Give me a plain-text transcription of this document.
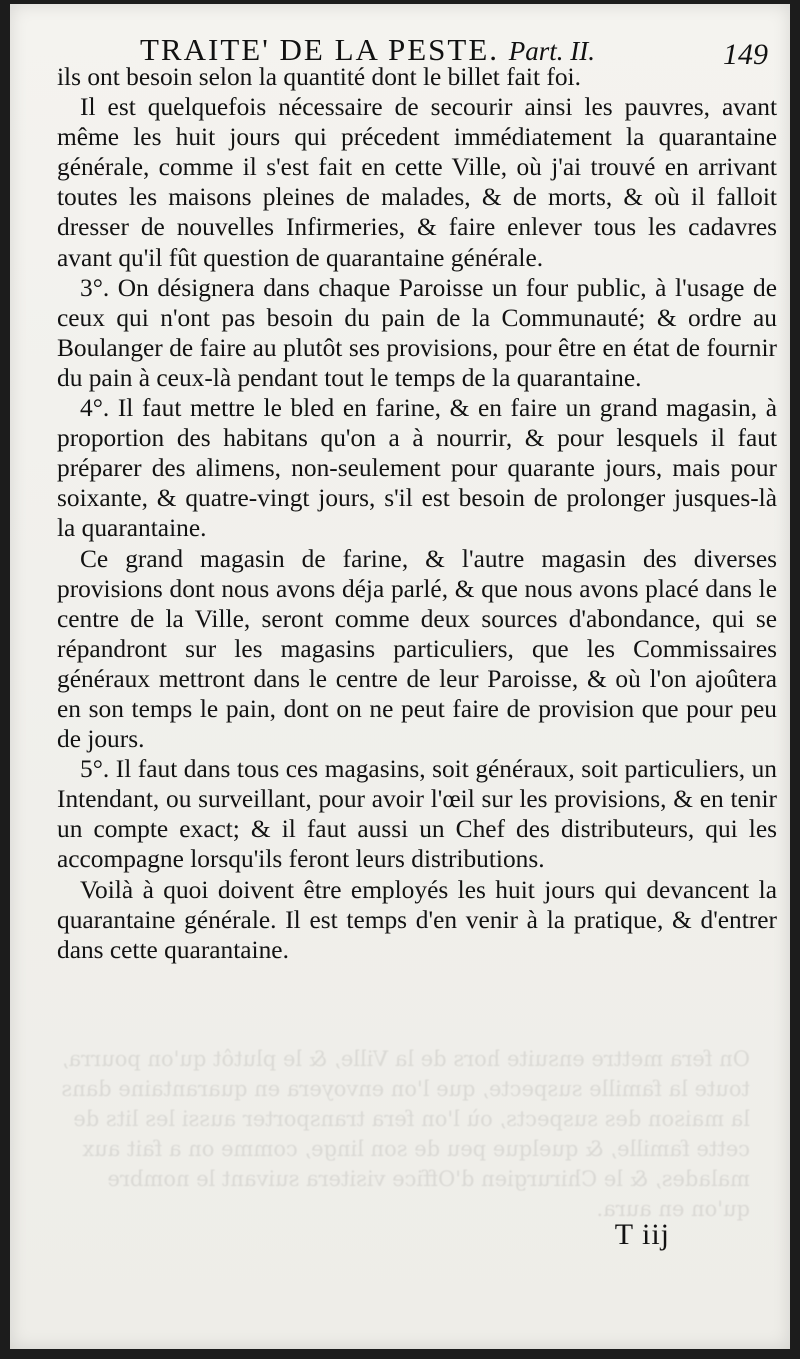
On fera mettre ensuite hors de la Ville, & le plutôt qu'on pourra, toute la famille suspecte, que l'on envoyera en quarantaine dans la maison des suspects, où l'on fera transporter aussi les lits de cette famille, & quelque peu de son linge, comme on a fait aux malades, & le Chirurgien d'Office visitera suivant le nombre qu'on en aura.
TRAITE' DE LA PESTE. Part. II.	149

ils ont besoin selon la quantité dont le billet fait foi.

Il est quelquefois nécessaire de secourir ainsi les pauvres, avant même les huit jours qui précedent immédiatement la quarantaine générale, comme il s'est fait en cette Ville, où j'ai trouvé en arrivant toutes les maisons pleines de malades, & de morts, & où il falloit dresser de nouvelles Infirmeries, & faire enlever tous les cadavres avant qu'il fût question de quarantaine générale.

3°. On désignera dans chaque Paroisse un four public, à l'usage de ceux qui n'ont pas besoin du pain de la Communauté; & ordre au Boulanger de faire au plutôt ses provisions, pour être en état de fournir du pain à ceux-là pendant tout le temps de la quarantaine.

4°. Il faut mettre le bled en farine, & en faire un grand magasin, à proportion des habitans qu'on a à nourrir, & pour lesquels il faut préparer des alimens, non-seulement pour quarante jours, mais pour soixante, & quatre-vingt jours, s'il est besoin de prolonger jusques-là la quarantaine.

Ce grand magasin de farine, & l'autre magasin des diverses provisions dont nous avons déja parlé, & que nous avons placé dans le centre de la Ville, seront comme deux sources d'abondance, qui se répandront sur les magasins particuliers, que les Commissaires généraux mettront dans le centre de leur Paroisse, & où l'on ajoûtera en son temps le pain, dont on ne peut faire de provision que pour peu de jours.

5°. Il faut dans tous ces magasins, soit généraux, soit particuliers, un Intendant, ou surveillant, pour avoir l'œil sur les provisions, & en tenir un compte exact; & il faut aussi un Chef des distributeurs, qui les accompagne lorsqu'ils feront leurs distributions.

Voilà à quoi doivent être employés les huit jours qui devancent la quarantaine générale. Il est temps d'en venir à la pratique, & d'entrer dans cette quarantaine.

T iij
